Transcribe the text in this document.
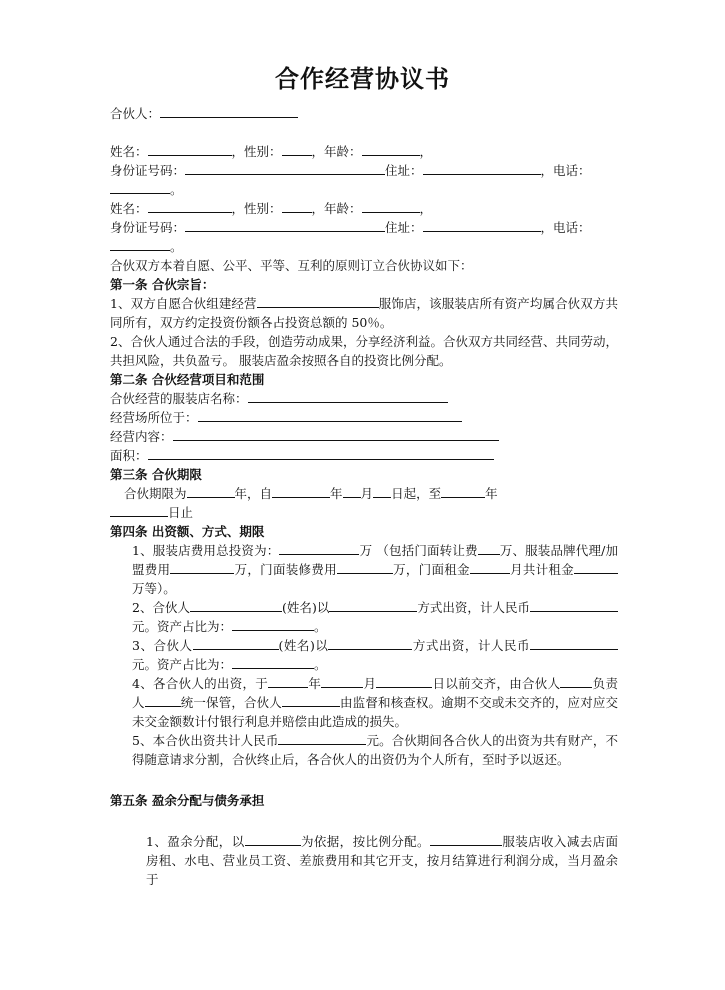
合作经营协议书
合伙人：
姓名：	，性别： ，年龄：	，
身份证号码：	住址：	，电话：
。
姓名：	，性别： ，年龄：	，
身份证号码：	住址：	，电话：
。
合伙双方本着自愿、公平、平等、互利的原则订立合伙协议如下：
第一条 合伙宗旨：
1、双方自愿合伙组建经营	服饰店，该服装店所有资产均属合伙双方共同所有，双方约定投资份额各占投资总额的 50％。
2、合伙人通过合法的手段，创造劳动成果，分享经济利益。合伙双方共同经营、共同劳动，共担风险，共负盈亏。 服装店盈余按照各自的投资比例分配。
第二条 合伙经营项目和范围
合伙经营的服装店名称：
经营场所位于：
经营内容：
面积：
第三条 合伙期限
合伙期限为	年，自	年 月 日起，至	年
日止
第四条 出资额、方式、期限
1、服装店费用总投资为：	万 （包括门面转让费 万、服装品牌代理/加盟费用	万，门面装修费用	万，门面租金	月共计租金万等）。
2、合伙人	(姓名)以	方式出资，计人民币元。资产占比为：	。
3、合伙人	(姓名)以	方式出资，计人民币元。资产占比为：	。
4、各合伙人的出资，于	年	月	日以前交齐，由合伙人	负责人	统一保管，合伙人	由监督和核查权。逾期不交或未交齐的，应对应交未交金额数计付银行利息并赔偿由此造成的损失。
5、本合伙出资共计人民币	元。合伙期间各合伙人的出资为共有财产，不得随意请求分割，合伙终止后，各合伙人的出资仍为个人所有，至时予以返还。
第五条 盈余分配与债务承担
1、盈余分配，以	为依据，按比例分配。	服装店收入减去店面房租、水电、营业员工资、差旅费用和其它开支，按月结算进行利润分成，当月盈余于
